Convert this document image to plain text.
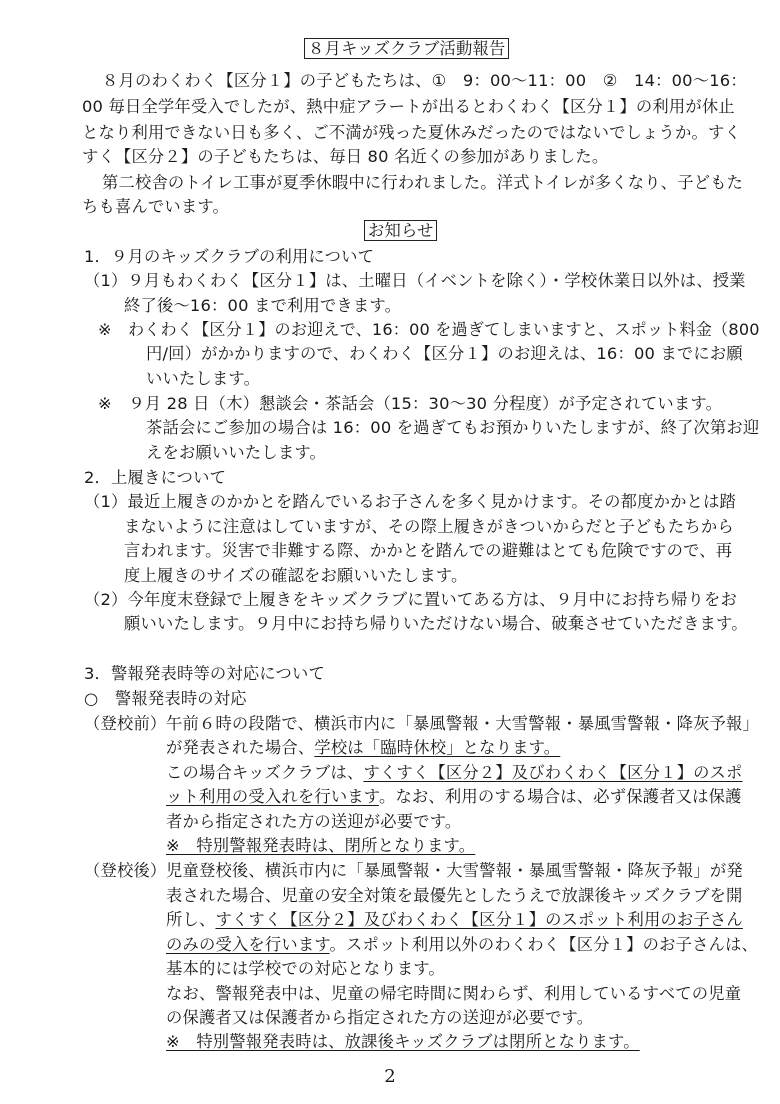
８月キッズクラブ活動報告
８月のわくわく【区分１】の子どもたちは、①　9：00～11：00　②　14：00～16：
00 毎日全学年受入でしたが、熱中症アラートが出るとわくわく【区分１】の利用が休止
となり利用できない日も多く、ご不満が残った夏休みだったのではないでしょうか。すく
すく【区分２】の子どもたちは、毎日 80 名近くの参加がありました。
第二校舎のトイレ工事が夏季休暇中に行われました。洋式トイレが多くなり、子どもた
ちも喜んでいます。
お知らせ
1．９月のキッズクラブの利用について
（1）９月もわくわく【区分１】は、土曜日（イベントを除く）・学校休業日以外は、授業
終了後～16：00 まで利用できます。
※　わくわく【区分１】のお迎えで、16：00 を過ぎてしまいますと、スポット料金（800
円/回）がかかりますので、わくわく【区分１】のお迎えは、16：00 までにお願
いいたします。
※　９月 28 日（木）懇談会・茶話会（15：30～30 分程度）が予定されています。
茶話会にご参加の場合は 16：00 を過ぎてもお預かりいたしますが、終了次第お迎
えをお願いいたします。
2．上履きについて
（1）最近上履きのかかとを踏んでいるお子さんを多く見かけます。その都度かかとは踏
まないように注意はしていますが、その際上履きがきついからだと子どもたちから
言われます。災害で非難する際、かかとを踏んでの避難はとても危険ですので、再
度上履きのサイズの確認をお願いいたします。
（2）今年度末登録で上履きをキッズクラブに置いてある方は、９月中にお持ち帰りをお
願いいたします。９月中にお持ち帰りいただけない場合、破棄させていただきます。
3．警報発表時等の対応について
○　警報発表時の対応
（登校前） 午前６時の段階で、横浜市内に「暴風警報・大雪警報・暴風雪警報・降灰予報」
が発表された場合、学校は「臨時休校」となります。
この場合キッズクラブは、すくすく【区分２】及びわくわく【区分１】のスポ
ット利用の受入れを行います。なお、利用のする場合は、必ず保護者又は保護
者から指定された方の送迎が必要です。
※　特別警報発表時は、閉所となります。
（登校後） 児童登校後、横浜市内に「暴風警報・大雪警報・暴風雪警報・降灰予報」が発
表された場合、児童の安全対策を最優先としたうえで放課後キッズクラブを開
所し、すくすく【区分２】及びわくわく【区分１】のスポット利用のお子さん
のみの受入を行います。スポット利用以外のわくわく【区分１】のお子さんは、
基本的には学校での対応となります。
なお、警報発表中は、児童の帰宅時間に関わらず、利用しているすべての児童
の保護者又は保護者から指定された方の送迎が必要です。
※　特別警報発表時は、放課後キッズクラブは閉所となります。
2
